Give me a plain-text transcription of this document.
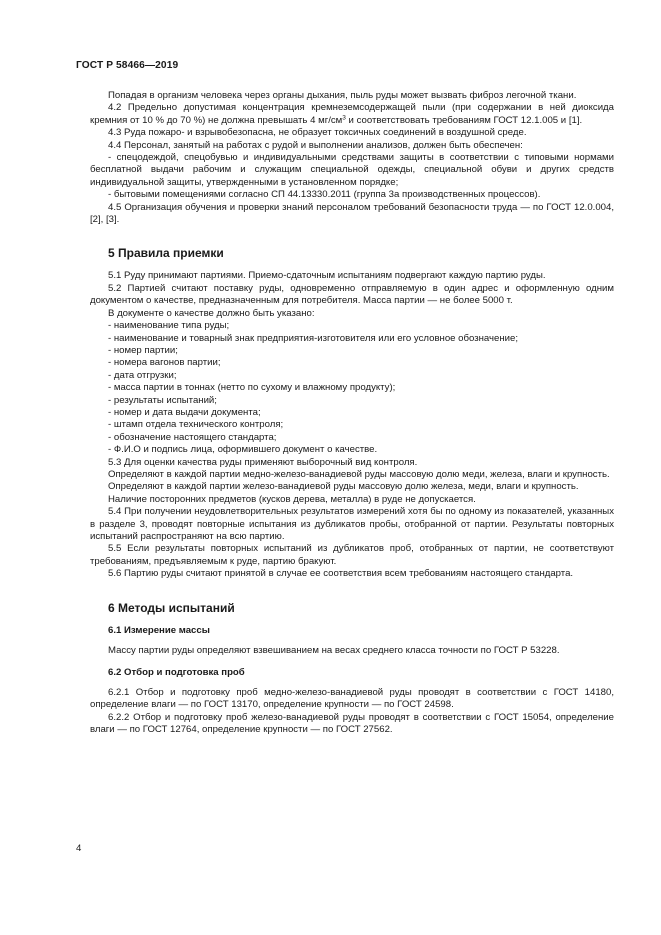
ГОСТ Р 58466—2019

Попадая в организм человека через органы дыхания, пыль руды может вызвать фиброз легочной ткани.

4.2 Предельно допустимая концентрация кремнеземсодержащей пыли (при содержании в ней диоксида кремния от 10 % до 70 %) не должна превышать 4 $мг/см^3$ и соответствовать требованиям ГОСТ 12.1.005 и [1].

4.3 Руда пожаро- и взрывобезопасна, не образует токсичных соединений в воздушной среде.

4.4 Персонал, занятый на работах с рудой и выполнении анализов, должен быть обеспечен:

- спецодеждой, спецобувью и индивидуальными средствами защиты в соответствии с типовыми нормами бесплатной выдачи рабочим и служащим специальной одежды, специальной обуви и других средств индивидуальной защиты, утвержденными в установленном порядке;

- бытовыми помещениями согласно СП 44.13330.2011 (группа 3а производственных процессов).

4.5 Организация обучения и проверки знаний персоналом требований безопасности труда — по ГОСТ 12.0.004, [2], [3].

5 Правила приемки

5.1 Руду принимают партиями. Приемо-сдаточным испытаниям подвергают каждую партию руды.

5.2 Партией считают поставку руды, одновременно отправляемую в один адрес и оформленную одним документом о качестве, предназначенным для потребителя. Масса партии — не более 5000 т.

В документе о качестве должно быть указано:

- наименование типа руды;

- наименование и товарный знак предприятия-изготовителя или его условное обозначение;

- номер партии;

- номера вагонов партии;

- дата отгрузки;

- масса партии в тоннах (нетто по сухому и влажному продукту);

- результаты испытаний;

- номер и дата выдачи документа;

- штамп отдела технического контроля;

- обозначение настоящего стандарта;

- Ф.И.О и подпись лица, оформившего документ о качестве.

5.3 Для оценки качества руды применяют выборочный вид контроля.

Определяют в каждой партии медно-железо-ванадиевой руды массовую долю меди, железа, влаги и крупность.

Определяют в каждой партии железо-ванадиевой руды массовую долю железа, меди, влаги и крупность.

Наличие посторонних предметов (кусков дерева, металла) в руде не допускается.

5.4 При получении неудовлетворительных результатов измерений хотя бы по одному из показателей, указанных в разделе 3, проводят повторные испытания из дубликатов пробы, отобранной от партии. Результаты повторных испытаний распространяют на всю партию.

5.5 Если результаты повторных испытаний из дубликатов проб, отобранных от партии, не соответствуют требованиям, предъявляемым к руде, партию бракуют.

5.6 Партию руды считают принятой в случае ее соответствия всем требованиям настоящего стандарта.

6 Методы испытаний
6.1 Измерение массы

Массу партии руды определяют взвешиванием на весах среднего класса точности по ГОСТ Р 53228.

6.2 Отбор и подготовка проб

6.2.1 Отбор и подготовку проб медно-железо-ванадиевой руды проводят в соответствии с ГОСТ 14180, определение влаги — по ГОСТ 13170, определение крупности — по ГОСТ 24598.

6.2.2 Отбор и подготовку проб железо-ванадиевой руды проводят в соответствии с ГОСТ 15054, определение влаги — по ГОСТ 12764, определение крупности — по ГОСТ 27562.

4
